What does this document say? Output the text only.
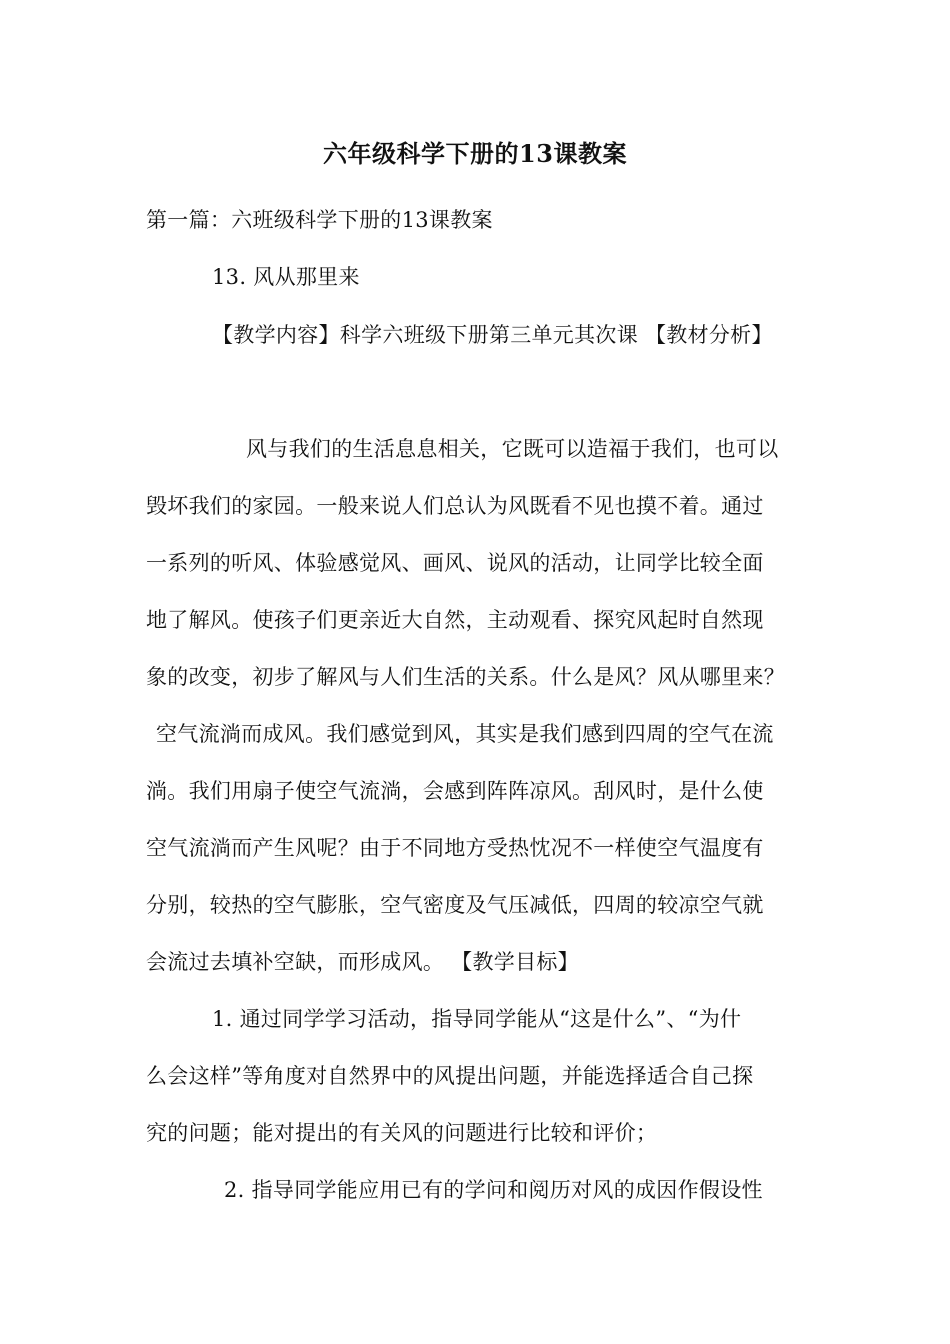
六年级科学下册的13课教案
第一篇：六班级科学下册的13课教案
13. 风从那里来
【教学内容】科学六班级下册第三单元其次课 【教材分析】
风与我们的生活息息相关，它既可以造福于我们，也可以
毁坏我们的家园。一般来说人们总认为风既看不见也摸不着。通过
一系列的听风、体验感觉风、画风、说风的活动，让同学比较全面
地了解风。使孩子们更亲近大自然，主动观看、探究风起时自然现
象的改变，初步了解风与人们生活的关系。什么是风？风从哪里来？
空气流淌而成风。我们感觉到风，其实是我们感到四周的空气在流
淌。我们用扇子使空气流淌，会感到阵阵凉风。刮风时，是什么使
空气流淌而产生风呢？由于不同地方受热忱况不一样使空气温度有
分别，较热的空气膨胀，空气密度及气压减低，四周的较凉空气就
会流过去填补空缺，而形成风。 【教学目标】
1. 通过同学学习活动，指导同学能从“这是什么”、“为什
么会这样”等角度对自然界中的风提出问题，并能选择适合自己探
究的问题；能对提出的有关风的问题进行比较和评价；
2. 指导同学能应用已有的学问和阅历对风的成因作假设性
